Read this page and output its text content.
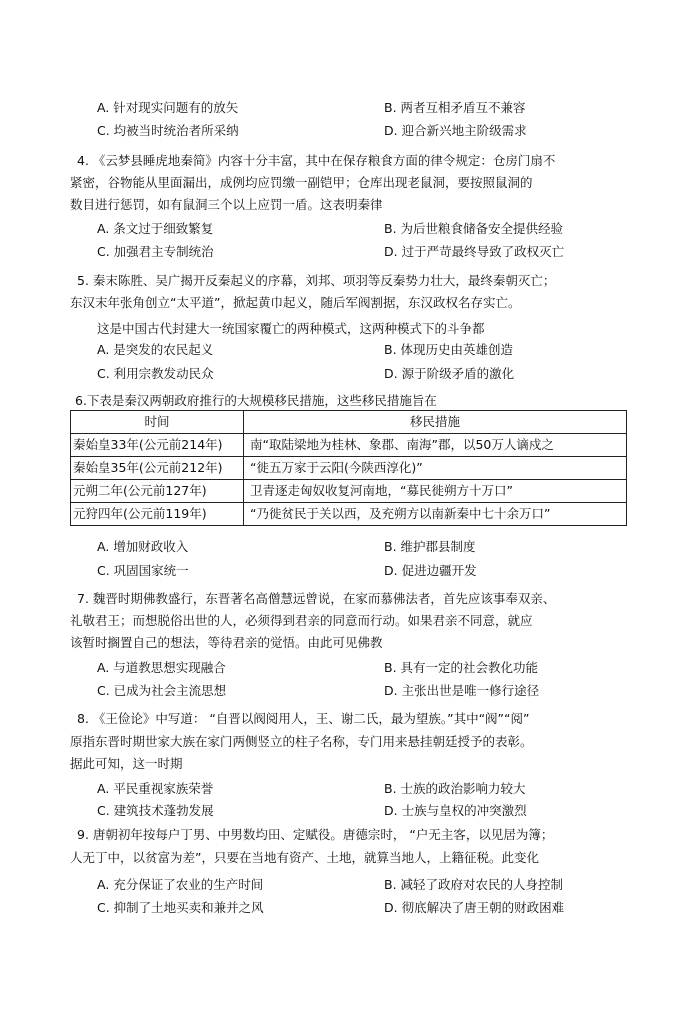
A. 针对现实问题有的放矢	B. 两者互相矛盾互不兼容
C. 均被当时统治者所采纳	D. 迎合新兴地主阶级需求
4. 《云梦县睡虎地秦简》内容十分丰富，其中在保存粮食方面的律令规定：仓房门扇不
紧密，谷物能从里面漏出，成例均应罚缴一副铠甲；仓库出现老鼠洞，要按照鼠洞的
数目进行惩罚，如有鼠洞三个以上应罚一盾。这表明秦律
A. 条文过于细致繁复	B. 为后世粮食储备安全提供经验
C. 加强君主专制统治	D. 过于严苛最终导致了政权灭亡
5. 秦末陈胜、吴广揭开反秦起义的序幕，刘邦、项羽等反秦势力壮大，最终秦朝灭亡；
东汉末年张角创立“太平道”，掀起黄巾起义，随后军阀割据，东汉政权名存实亡。
这是中国古代封建大一统国家覆亡的两种模式，这两种模式下的斗争都
A. 是突发的农民起义	B. 体现历史由英雄创造
C. 利用宗教发动民众	D. 源于阶级矛盾的激化
6.下表是秦汉两朝政府推行的大规模移民措施，这些移民措施旨在
时间	移民措施
秦始皇33年(公元前214年)	南“取陆梁地为桂林、象郡、南海”郡，以50万人谪戍之
秦始皇35年(公元前212年)	“徙五万家于云阳(今陕西淳化)”
元朔二年(公元前127年)	卫青逐走匈奴收复河南地，“募民徙朔方十万口”
元狩四年(公元前119年)	“乃徙贫民于关以西，及充朔方以南新秦中七十余万口”
A. 增加财政收入	B. 维护郡县制度
C. 巩固国家统一	D. 促进边疆开发
7. 魏晋时期佛教盛行，东晋著名高僧慧远曾说，在家而慕佛法者，首先应该事奉双亲、
礼敬君王；而想脱俗出世的人，必须得到君亲的同意而行动。如果君亲不同意，就应
该暂时搁置自己的想法，等待君亲的觉悟。由此可见佛教
A. 与道教思想实现融合	B. 具有一定的社会教化功能
C. 已成为社会主流思想	D. 主张出世是唯一修行途径
8. 《王俭论》中写道： “自晋以阀阅用人，王、谢二氏，最为望族。”其中“阀”“阅”
原指东晋时期世家大族在家门两侧竖立的柱子名称，专门用来悬挂朝廷授予的表彰。
据此可知，这一时期
A. 平民重视家族荣誉	B. 士族的政治影响力较大
C. 建筑技术蓬勃发展	D. 士族与皇权的冲突激烈
9. 唐朝初年按每户丁男、中男数均田、定赋役。唐德宗时， “户无主客，以见居为簿；
人无丁中，以贫富为差”，只要在当地有资产、土地，就算当地人，上籍征税。此变化
A. 充分保证了农业的生产时间	B. 减轻了政府对农民的人身控制
C. 抑制了土地买卖和兼并之风	D. 彻底解决了唐王朝的财政困难
